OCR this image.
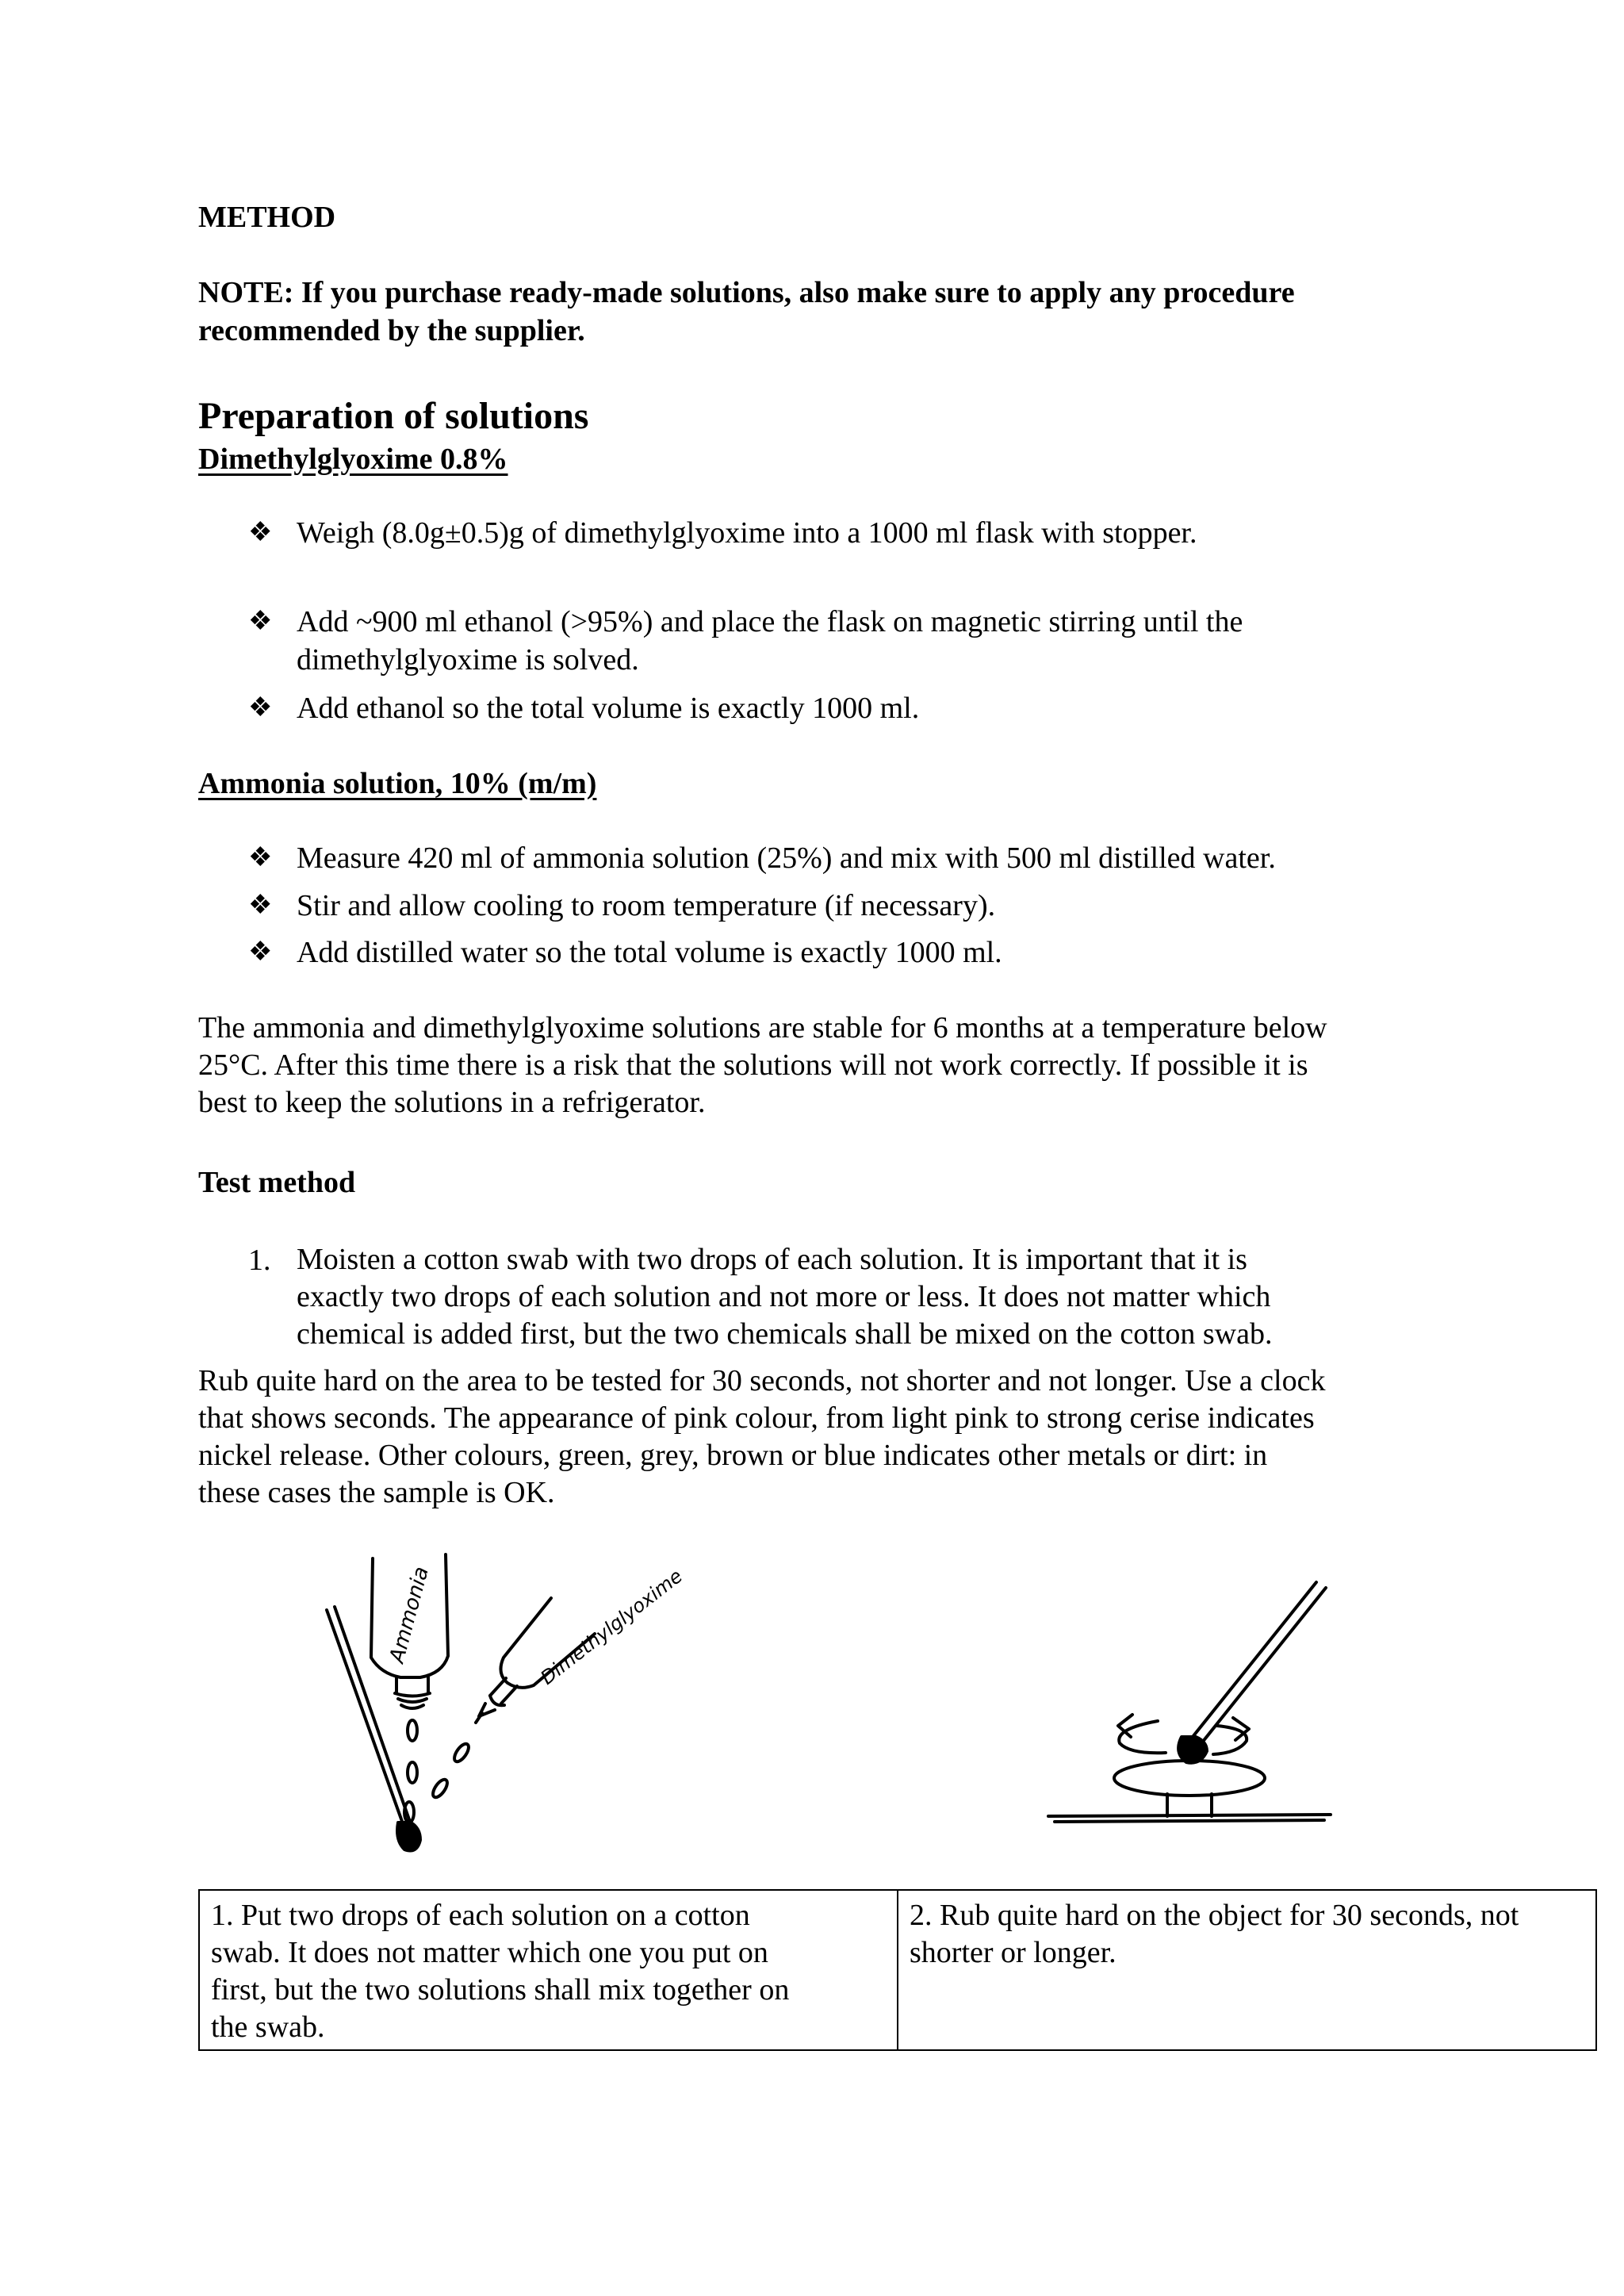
METHOD
NOTE: If you purchase ready-made solutions, also make sure to apply any procedure
recommended by the supplier.
Preparation of solutions
Dimethylglyoxime 0.8%
❖ Weigh (8.0g±0.5)g of dimethylglyoxime into a 1000 ml flask with stopper.
❖ Add ~900 ml ethanol (>95%) and place the flask on magnetic stirring until the
dimethylglyoxime is solved.
❖ Add ethanol so the total volume is exactly 1000 ml.
Ammonia solution, 10% (m/m)
❖ Measure 420 ml of ammonia solution (25%) and mix with 500 ml distilled water.
❖ Stir and allow cooling to room temperature (if necessary).
❖ Add distilled water so the total volume is exactly 1000 ml.
The ammonia and dimethylglyoxime solutions are stable for 6 months at a temperature below
25°C. After this time there is a risk that the solutions will not work correctly. If possible it is
best to keep the solutions in a refrigerator.
Test method
1. Moisten a cotton swab with two drops of each solution. It is important that it is
exactly two drops of each solution and not more or less. It does not matter which
chemical is added first, but the two chemicals shall be mixed on the cotton swab.
Rub quite hard on the area to be tested for 30 seconds, not shorter and not longer. Use a clock
that shows seconds. The appearance of pink colour, from light pink to strong cerise indicates
nickel release. Other colours, green, grey, brown or blue indicates other metals or dirt: in
these cases the sample is OK.
Ammonia	Dimethylglyoxime
1. Put two drops of each solution on a cotton
swab. It does not matter which one you put on
first, but the two solutions shall mix together on
the swab.

2. Rub quite hard on the object for 30 seconds, not
shorter or longer.
